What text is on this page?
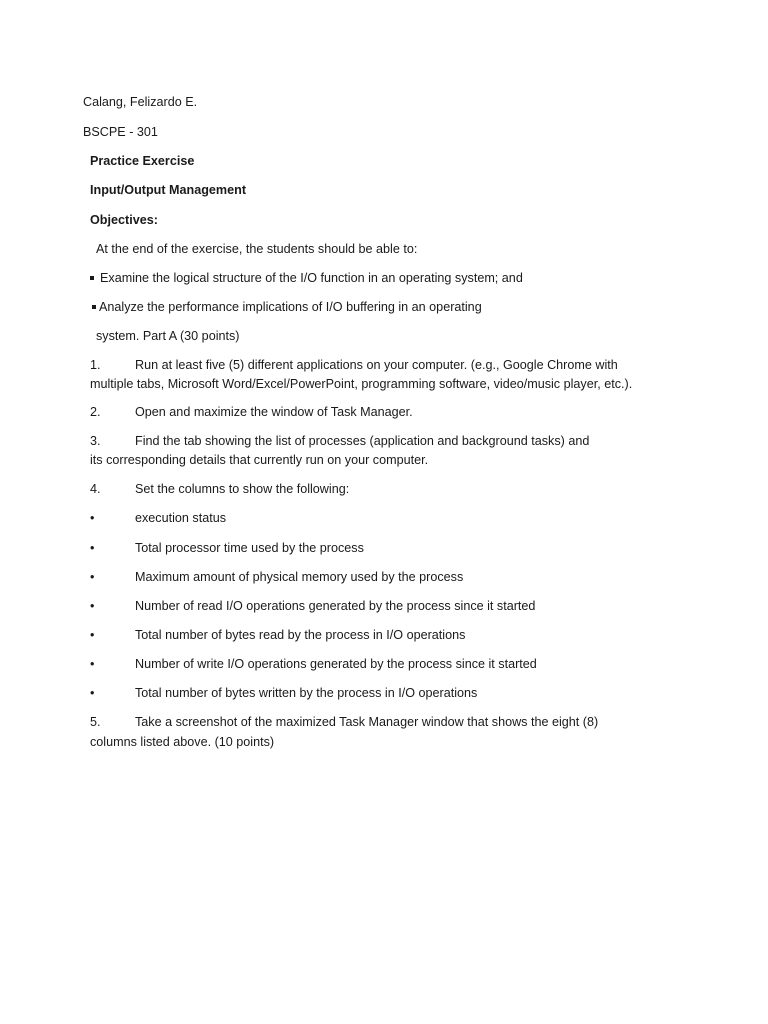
Calang, Felizardo E.
BSCPE - 301
Practice Exercise
Input/Output Management
Objectives:
At the end of the exercise, the students should be able to:
Examine the logical structure of the I/O function in an operating system; and
Analyze the performance implications of I/O buffering in an operating
system. Part A (30 points)
1.	Run at least five (5) different applications on your computer. (e.g., Google Chrome with
multiple tabs, Microsoft Word/Excel/PowerPoint, programming software, video/music player, etc.).
2.	Open and maximize the window of Task Manager.
3.	Find the tab showing the list of processes (application and background tasks) and
its corresponding details that currently run on your computer.
4.	Set the columns to show the following:
•	execution status
•	Total processor time used by the process
•	Maximum amount of physical memory used by the process
•	Number of read I/O operations generated by the process since it started
•	Total number of bytes read by the process in I/O operations
•	Number of write I/O operations generated by the process since it started
•	Total number of bytes written by the process in I/O operations
5.	Take a screenshot of the maximized Task Manager window that shows the eight (8)
columns listed above. (10 points)
